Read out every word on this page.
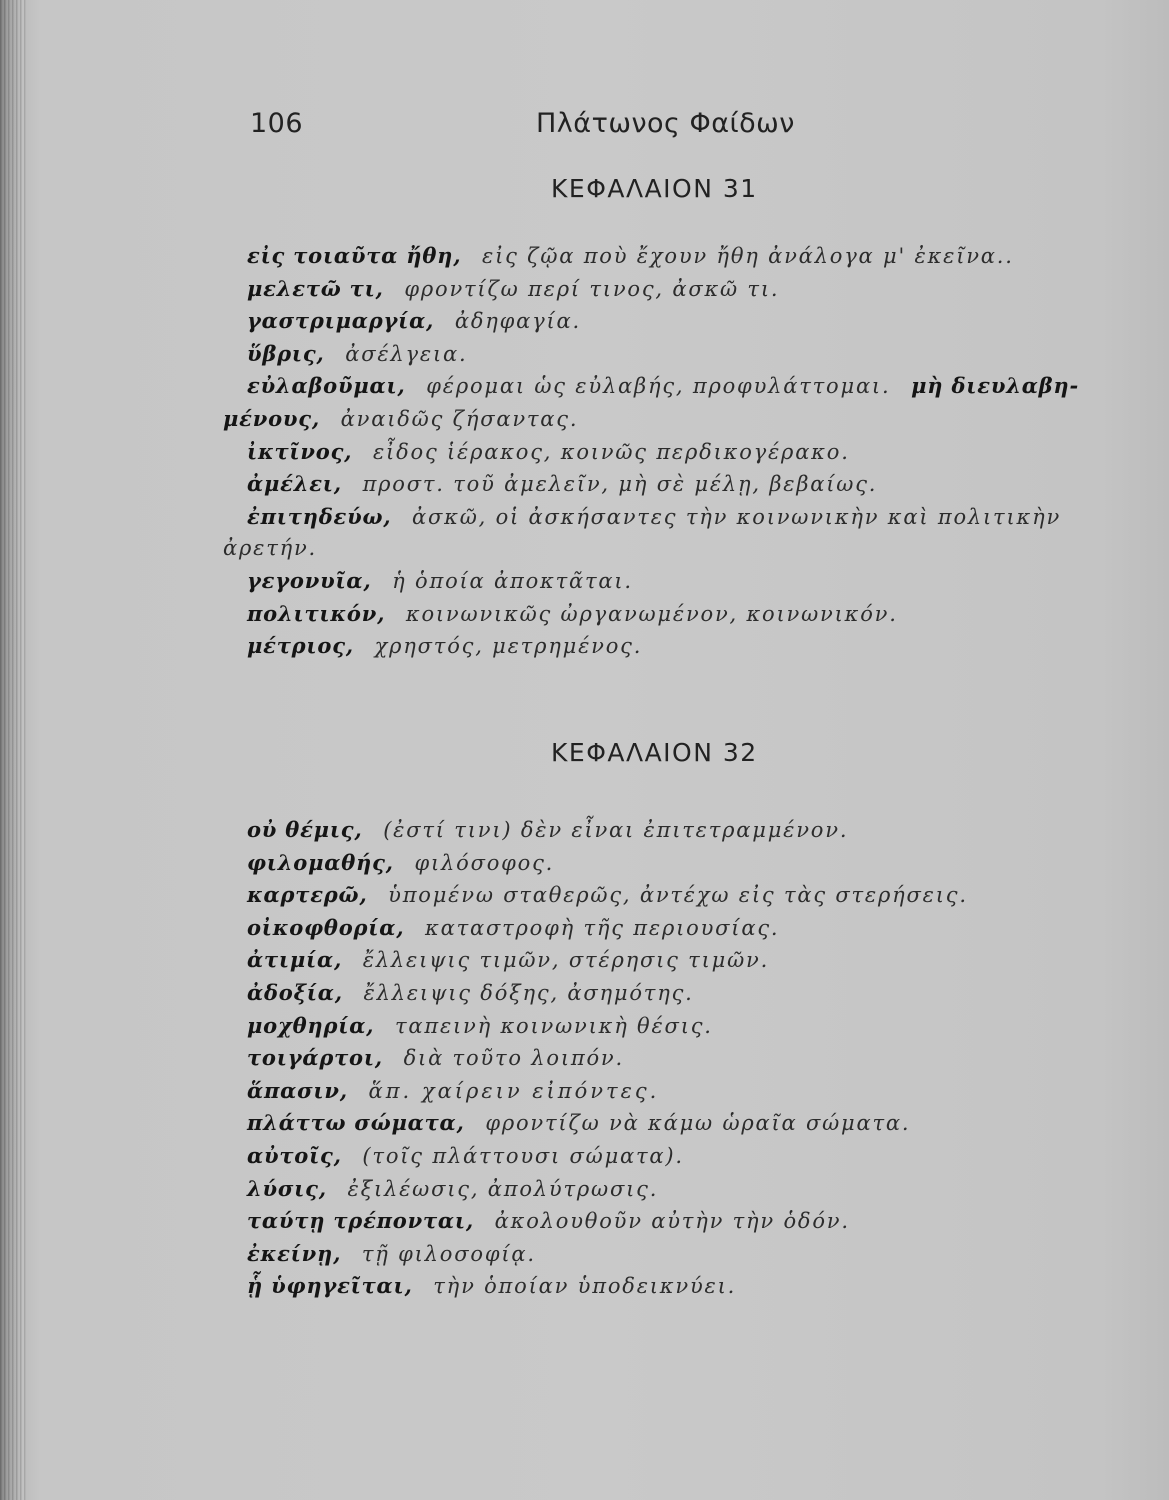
106	Πλάτωνος Φαίδων
ΚΕΦΑΛΑΙΟΝ 31
εἰς τοιαῦτα ἤθη, εἰς ζῷα ποὺ ἔχουν ἤθη ἀνάλογα μ' ἐκεῖνα..
μελετῶ τι, φροντίζω περί τινος, ἀσκῶ τι.
γαστριμαργία, ἀδηφαγία.
ὕβρις, ἀσέλγεια.
εὐλαβοῦμαι, φέρομαι ὡς εὐλαβής, προφυλάττομαι. μὴ διευλαβη-
μένους, ἀναιδῶς ζήσαντας.
ἰκτῖνος, εἶδος ἱέρακος, κοινῶς περδικογέρακο.
ἀμέλει, προστ. τοῦ ἀμελεῖν, μὴ σὲ μέλῃ, βεβαίως.
ἐπιτηδεύω, ἀσκῶ, οἱ ἀσκήσαντες τὴν κοινωνικὴν καὶ πολιτικὴν
ἀρετήν.
γεγονυῖα, ἡ ὁποία ἀποκτᾶται.
πολιτικόν, κοινωνικῶς ὠργανωμένον, κοινωνικόν.
μέτριος, χρηστός, μετρημένος.
ΚΕΦΑΛΑΙΟΝ 32
οὐ θέμις, (ἐστί τινι) δὲν εἶναι ἐπιτετραμμένον.
φιλομαθής, φιλόσοφος.
καρτερῶ, ὑπομένω σταθερῶς, ἀντέχω εἰς τὰς στερήσεις.
οἰκοφθορία, καταστροφὴ τῆς περιουσίας.
ἀτιμία, ἔλλειψις τιμῶν, στέρησις τιμῶν.
ἀδοξία, ἔλλειψις δόξης, ἀσημότης.
μοχθηρία, ταπεινὴ κοινωνικὴ θέσις.
τοιγάρτοι, διὰ τοῦτο λοιπόν.
ἅπασιν, ἅπ. χαίρειν εἰπόντες.
πλάττω σώματα, φροντίζω νὰ κάμω ὡραῖα σώματα.
αὐτοῖς, (τοῖς πλάττουσι σώματα).
λύσις, ἐξιλέωσις, ἀπολύτρωσις.
ταύτῃ τρέπονται, ἀκολουθοῦν αὐτὴν τὴν ὁδόν.
ἐκείνῃ, τῇ φιλοσοφίᾳ.
ᾗ ὑφηγεῖται, τὴν ὁποίαν ὑποδεικνύει.
